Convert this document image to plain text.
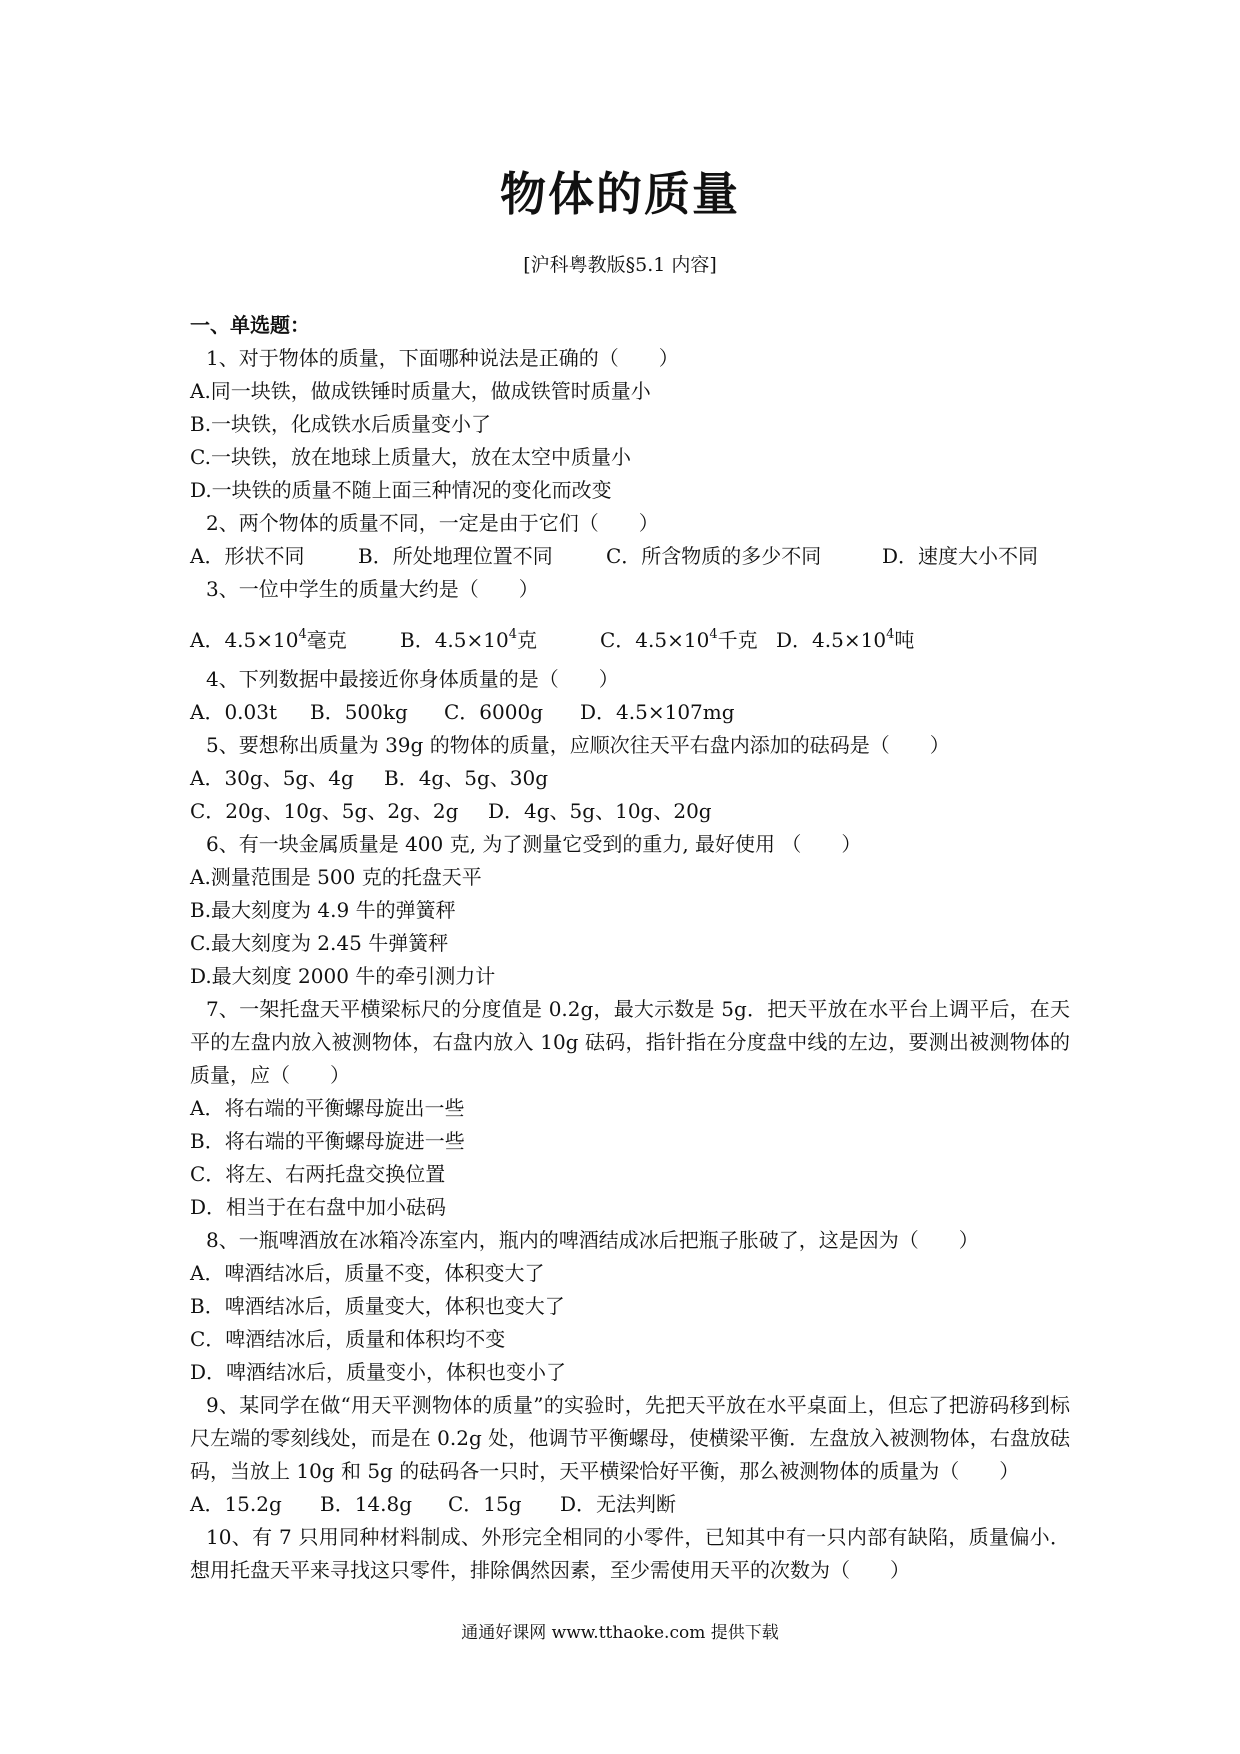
物体的质量
[沪科粤教版§5.1 内容]
一、单选题：
1、对于物体的质量，下面哪种说法是正确的（　　）
A.同一块铁，做成铁锤时质量大，做成铁管时质量小
B.一块铁，化成铁水后质量变小了
C.一块铁，放在地球上质量大，放在太空中质量小
D.一块铁的质量不随上面三种情况的变化而改变
2、两个物体的质量不同，一定是由于它们（　　）
A．形状不同	B．所处地理位置不同	C．所含物质的多少不同	D．速度大小不同
3、一位中学生的质量大约是（　　）
A．$4.5\times 10^4$毫克	B．$4.5\times 10^4$克	C．$4.5\times 10^4$千克 D．$4.5\times 10^4$吨
4、下列数据中最接近你身体质量的是（　　）
A．0.03t B．500kg C．6000g D．4.5×107mg
5、要想称出质量为 39g 的物体的质量，应顺次往天平右盘内添加的砝码是（　　）
A．30g、5g、4g B．4g、5g、30g
C．20g、10g、5g、2g、2g D．4g、5g、10g、20g
6、有一块金属质量是 400 克, 为了测量它受到的重力, 最好使用 （　　）
A.测量范围是 500 克的托盘天平
B.最大刻度为 4.9 牛的弹簧秤
C.最大刻度为 2.45 牛弹簧秤
D.最大刻度 2000 牛的牵引测力计
7、一架托盘天平横梁标尺的分度值是 0.2g，最大示数是 5g．把天平放在水平台上调平后，在天平的左盘内放入被测物体，右盘内放入 10g 砝码，指针指在分度盘中线的左边，要测出被测物体的质量，应（　　）
A．将右端的平衡螺母旋出一些
B．将右端的平衡螺母旋进一些
C．将左、右两托盘交换位置
D．相当于在右盘中加小砝码
8、一瓶啤酒放在冰箱冷冻室内，瓶内的啤酒结成冰后把瓶子胀破了，这是因为（　　）
A．啤酒结冰后，质量不变，体积变大了
B．啤酒结冰后，质量变大，体积也变大了
C．啤酒结冰后，质量和体积均不变
D．啤酒结冰后，质量变小，体积也变小了
9、某同学在做“用天平测物体的质量”的实验时，先把天平放在水平桌面上，但忘了把游码移到标尺左端的零刻线处，而是在 0.2g 处，他调节平衡螺母，使横梁平衡．左盘放入被测物体，右盘放砝码，当放上 10g 和 5g 的砝码各一只时，天平横梁恰好平衡，那么被测物体的质量为（　　）
A．15.2g B．14.8g C．15g D．无法判断
10、有 7 只用同种材料制成、外形完全相同的小零件，已知其中有一只内部有缺陷，质量偏小．想用托盘天平来寻找这只零件，排除偶然因素，至少需使用天平的次数为（　　）
通通好课网 www.tthaoke.com 提供下载
